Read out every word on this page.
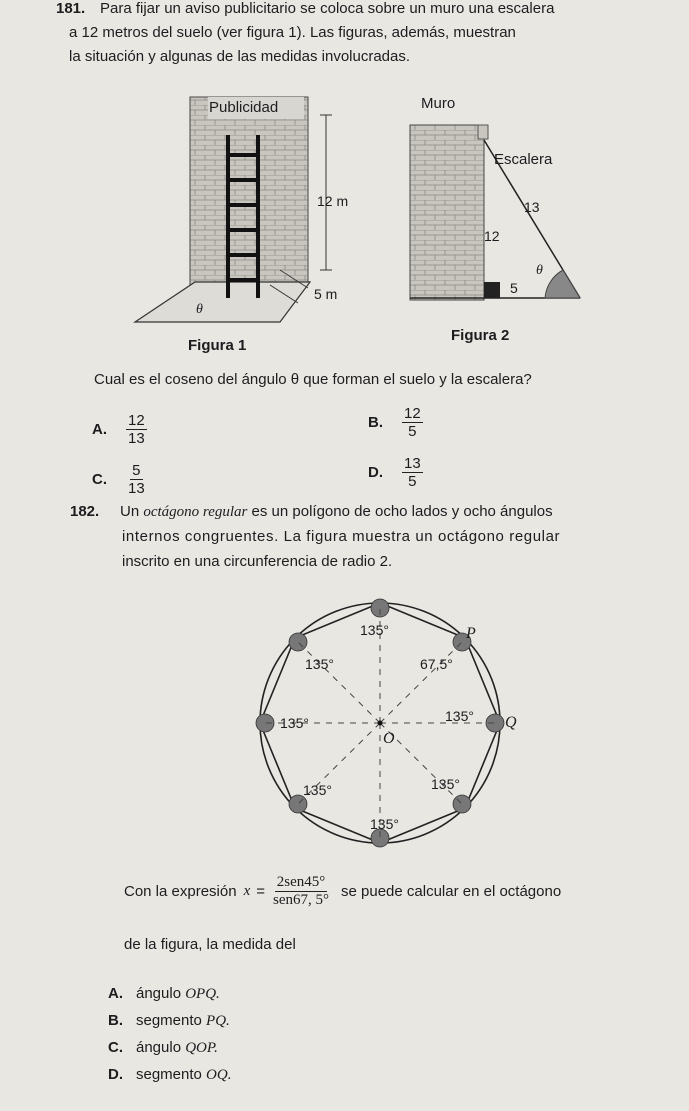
181. Para fijar un aviso publicitario se coloca sobre un muro una escalera
a 12 metros del suelo (ver figura 1). Las figuras, además, muestran
la situación y algunas de las medidas involucradas.
Publicidad
12 m
5 m
θ
Figura 1
Muro
Escalera
13
12
θ
5
Figura 2
Cual es el coseno del ángulo θ que forman el suelo y la escalera?
A.	$\frac{12}{13}$	B.	$\frac{12}{5}$
C.	$\frac{5}{13}$	D.	$\frac{13}{5}$
182. Un octágono regular es un polígono de ocho lados y ocho ángulos
internos congruentes. La figura muestra un octágono regular
inscrito en una circunferencia de radio 2.
135°
135°	67,5°
135°	135°
135°	135°
135°
P
Q
O
Con la expresión $x = \frac{\text{2sen45°}}{\text{sen67, 5°}}$ se puede calcular en el octágono
de la figura, la medida del
A. ángulo OPQ.
B. segmento PQ.
C. ángulo QOP.
D. segmento OQ.
